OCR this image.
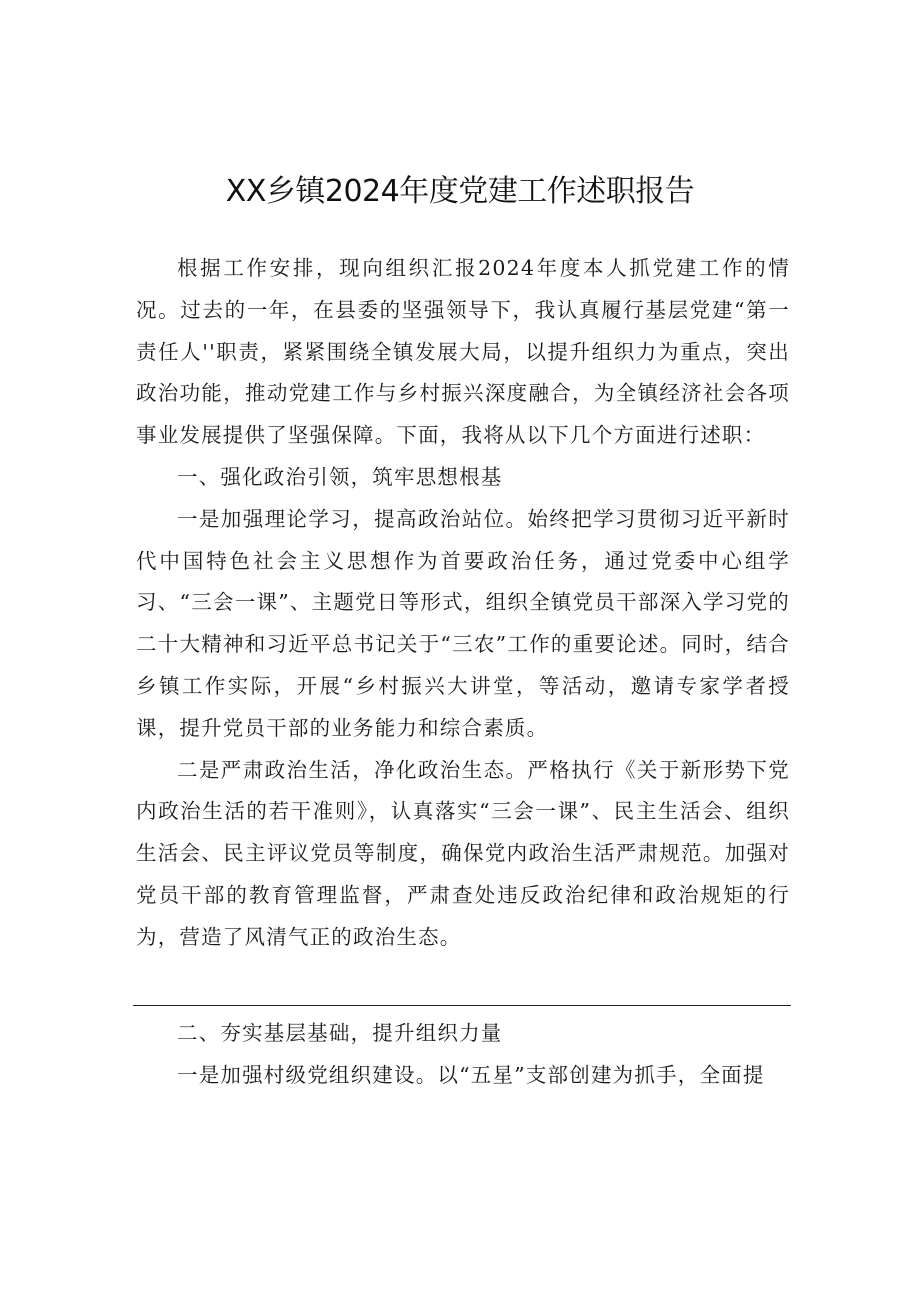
XX乡镇2024年度党建工作述职报告

根据工作安排，现向组织汇报2024年度本人抓党建工作的情况。过去的一年，在县委的坚强领导下，我认真履行基层党建“第一责任人''职责，紧紧围绕全镇发展大局，以提升组织力为重点，突出政治功能，推动党建工作与乡村振兴深度融合，为全镇经济社会各项事业发展提供了坚强保障。下面，我将从以下几个方面进行述职：

一、强化政治引领，筑牢思想根基

一是加强理论学习，提高政治站位。始终把学习贯彻习近平新时代中国特色社会主义思想作为首要政治任务，通过党委中心组学习、“三会一课”、主题党日等形式，组织全镇党员干部深入学习党的二十大精神和习近平总书记关于“三农”工作的重要论述。同时，结合乡镇工作实际，开展“乡村振兴大讲堂，等活动，邀请专家学者授课，提升党员干部的业务能力和综合素质。

二是严肃政治生活，净化政治生态。严格执行《关于新形势下党内政治生活的若干准则》，认真落实“三会一课”、民主生活会、组织生活会、民主评议党员等制度，确保党内政治生活严肃规范。加强对党员干部的教育管理监督，严肃查处违反政治纪律和政治规矩的行为，营造了风清气正的政治生态。

二、夯实基层基础，提升组织力量

一是加强村级党组织建设。以“五星”支部创建为抓手，全面提
